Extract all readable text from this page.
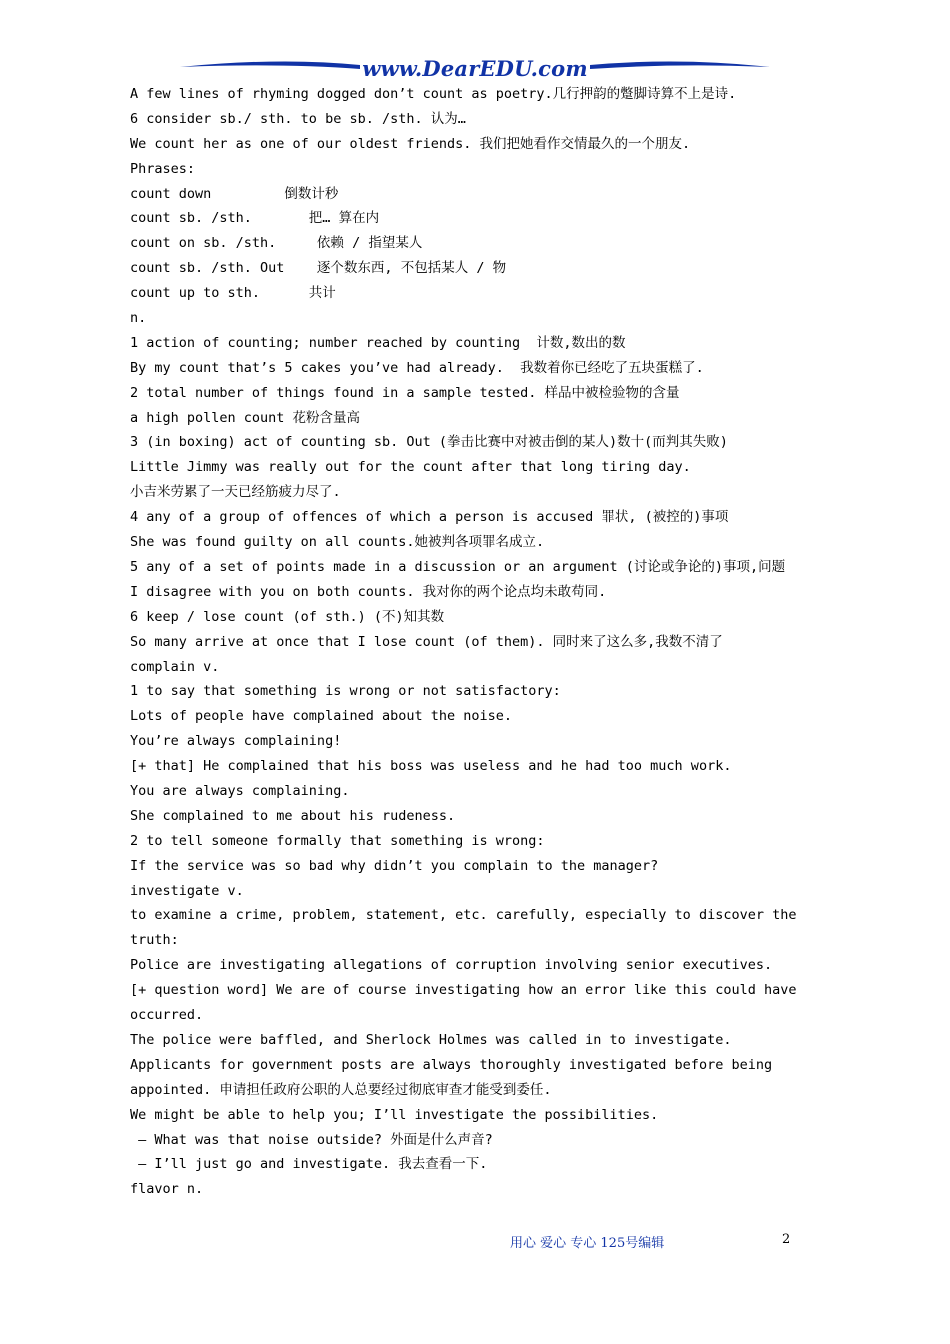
www.DearEDU.com
A few lines of rhyming dogged don’t count as poetry.几行押韵的蹩脚诗算不上是诗.
6 consider sb./ sth. to be sb. /sth. 认为…
We count her as one of our oldest friends. 我们把她看作交情最久的一个朋友.
Phrases:
count down         倒数计秒
count sb. /sth.       把… 算在内
count on sb. /sth.     依赖 / 指望某人
count sb. /sth. Out    逐个数东西, 不包括某人 / 物
count up to sth.      共计
n.
1 action of counting; number reached by counting  计数,数出的数
By my count that’s 5 cakes you’ve had already.  我数着你已经吃了五块蛋糕了.
2 total number of things found in a sample tested. 样品中被检验物的含量
a high pollen count 花粉含量高
3 (in boxing) act of counting sb. Out (拳击比赛中对被击倒的某人)数十(而判其失败)
Little Jimmy was really out for the count after that long tiring day.
小吉米劳累了一天已经筋疲力尽了.
4 any of a group of offences of which a person is accused 罪状, (被控的)事项
She was found guilty on all counts.她被判各项罪名成立.
5 any of a set of points made in a discussion or an argument (讨论或争论的)事项,问题
I disagree with you on both counts. 我对你的两个论点均未敢苟同.
6 keep / lose count (of sth.) (不)知其数
So many arrive at once that I lose count (of them). 同时来了这么多,我数不清了
complain v.
1 to say that something is wrong or not satisfactory:
Lots of people have complained about the noise.
You’re always complaining!
[+ that] He complained that his boss was useless and he had too much work.
You are always complaining.
She complained to me about his rudeness.
2 to tell someone formally that something is wrong:
If the service was so bad why didn’t you complain to the manager?
investigate v.
to examine a crime, problem, statement, etc. carefully, especially to discover the truth:
Police are investigating allegations of corruption involving senior executives.
[+ question word] We are of course investigating how an error like this could have occurred.
The police were baffled, and Sherlock Holmes was called in to investigate.
Applicants for government posts are always thoroughly investigated before being appointed. 申请担任政府公职的人总要经过彻底审查才能受到委任.
We might be able to help you; I’ll investigate the possibilities.
– What was that noise outside? 外面是什么声音?
– I’ll just go and investigate. 我去查看一下.
flavor n.
用心 爱心 专心 125号编辑	2
